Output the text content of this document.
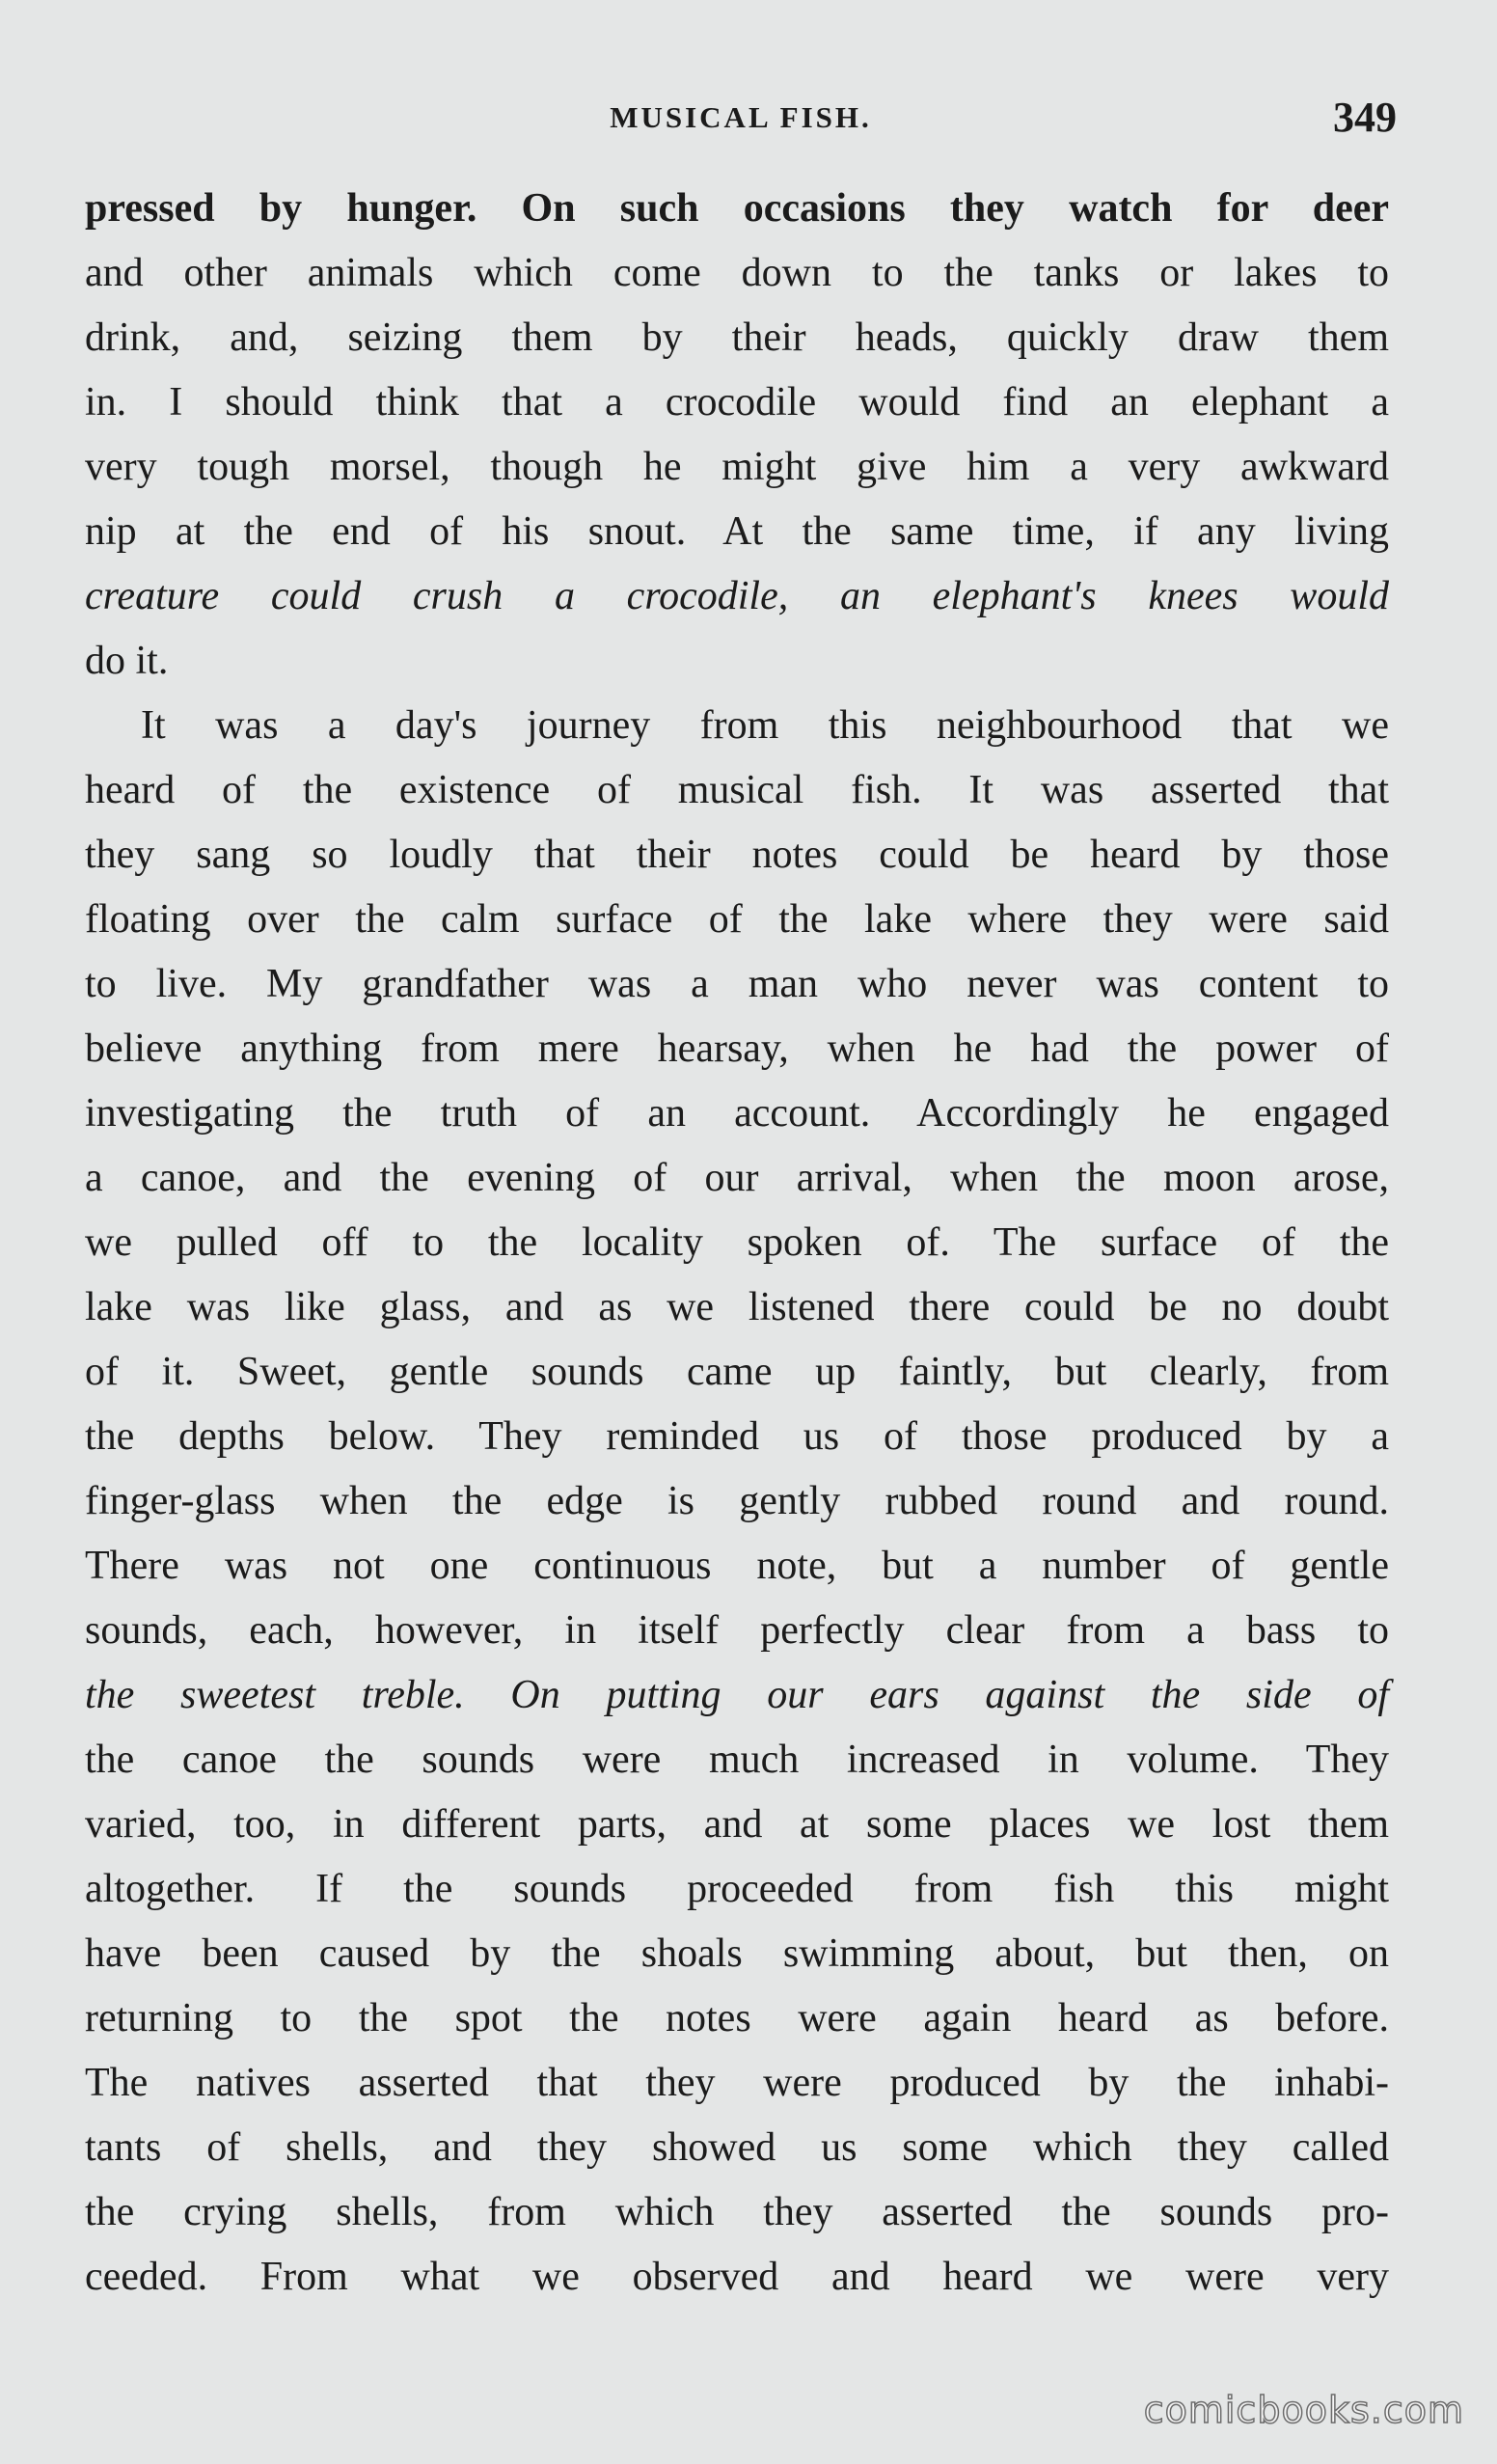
MUSICAL FISH.	349
pressed by hunger. On such occasions they watch for deer
and other animals which come down to the tanks or lakes to
drink, and, seizing them by their heads, quickly draw them
in. I should think that a crocodile would find an elephant a
very tough morsel, though he might give him a very awkward
nip at the end of his snout. At the same time, if any living
creature could crush a crocodile, an elephant's knees would
do it.
It was a day's journey from this neighbourhood that we
heard of the existence of musical fish. It was asserted that
they sang so loudly that their notes could be heard by those
floating over the calm surface of the lake where they were said
to live. My grandfather was a man who never was content to
believe anything from mere hearsay, when he had the power of
investigating the truth of an account. Accordingly he engaged
a canoe, and the evening of our arrival, when the moon arose,
we pulled off to the locality spoken of. The surface of the
lake was like glass, and as we listened there could be no doubt
of it. Sweet, gentle sounds came up faintly, but clearly, from
the depths below. They reminded us of those produced by a
finger-glass when the edge is gently rubbed round and round.
There was not one continuous note, but a number of gentle
sounds, each, however, in itself perfectly clear from a bass to
the sweetest treble. On putting our ears against the side of
the canoe the sounds were much increased in volume. They
varied, too, in different parts, and at some places we lost them
altogether. If the sounds proceeded from fish this might
have been caused by the shoals swimming about, but then, on
returning to the spot the notes were again heard as before.
The natives asserted that they were produced by the inhabi-
tants of shells, and they showed us some which they called
the crying shells, from which they asserted the sounds pro-
ceeded. From what we observed and heard we were very
comicbooks.com
